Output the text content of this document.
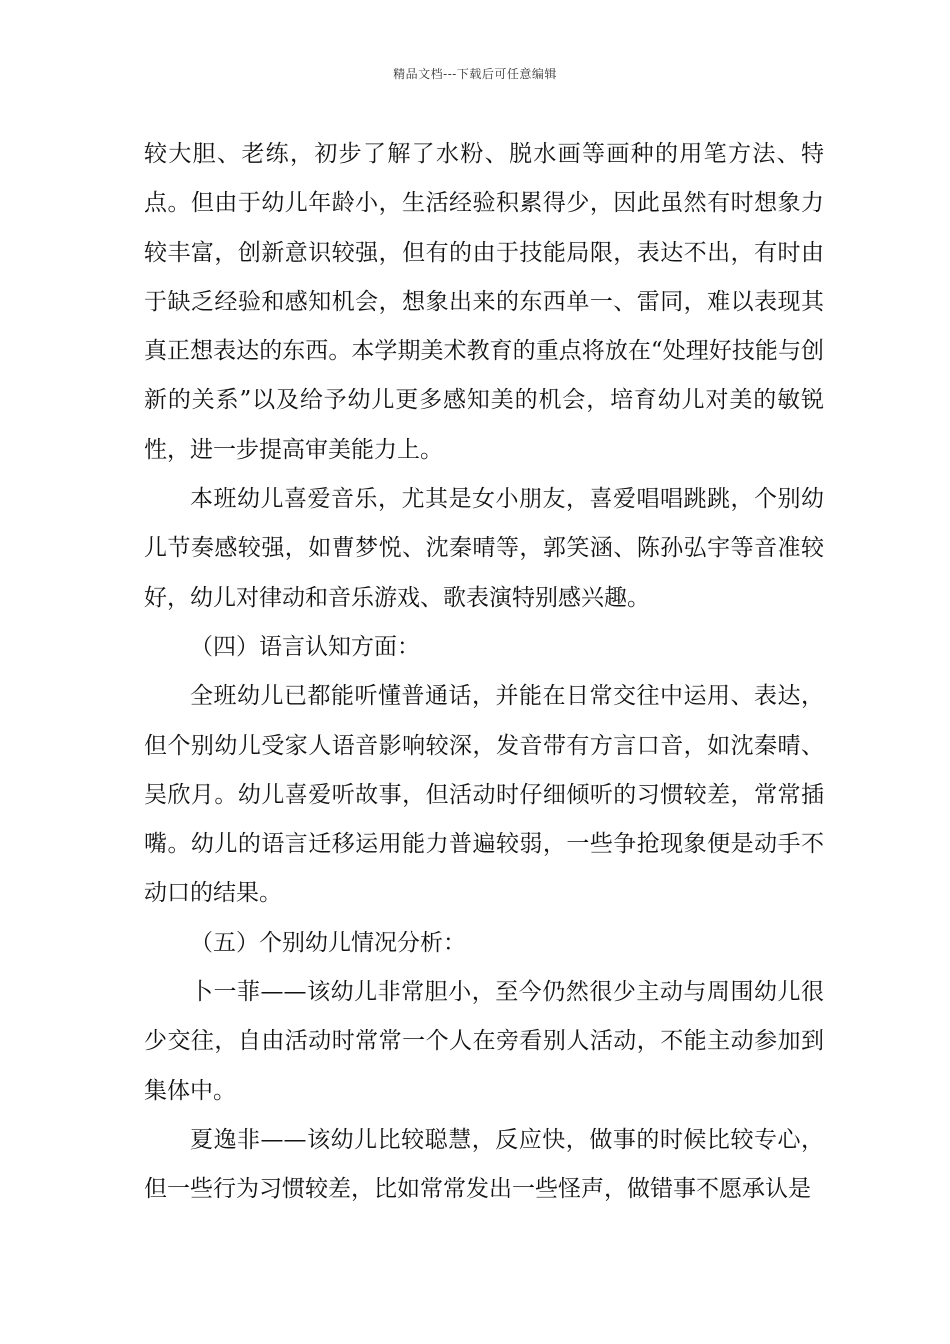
精品文档---下载后可任意编辑

较大胆、老练，初步了解了水粉、脱水画等画种的用笔方法、特点。但由于幼儿年龄小，生活经验积累得少，因此虽然有时想象力较丰富，创新意识较强，但有的由于技能局限，表达不出，有时由于缺乏经验和感知机会，想象出来的东西单一、雷同，难以表现其真正想表达的东西。本学期美术教育的重点将放在“处理好技能与创新的关系”以及给予幼儿更多感知美的机会，培育幼儿对美的敏锐性，进一步提高审美能力上。

本班幼儿喜爱音乐，尤其是女小朋友，喜爱唱唱跳跳，个别幼儿节奏感较强，如曹梦悦、沈秦晴等，郭笑涵、陈孙弘宇等音准较好，幼儿对律动和音乐游戏、歌表演特别感兴趣。

（四）语言认知方面：

全班幼儿已都能听懂普通话，并能在日常交往中运用、表达，但个别幼儿受家人语音影响较深，发音带有方言口音，如沈秦晴、吴欣月。幼儿喜爱听故事，但活动时仔细倾听的习惯较差，常常插嘴。幼儿的语言迁移运用能力普遍较弱，一些争抢现象便是动手不动口的结果。

（五）个别幼儿情况分析：

卜一菲——该幼儿非常胆小，至今仍然很少主动与周围幼儿很少交往，自由活动时常常一个人在旁看别人活动，不能主动参加到集体中。

夏逸非——该幼儿比较聪慧，反应快，做事的时候比较专心，但一些行为习惯较差，比如常常发出一些怪声，做错事不愿承认是
